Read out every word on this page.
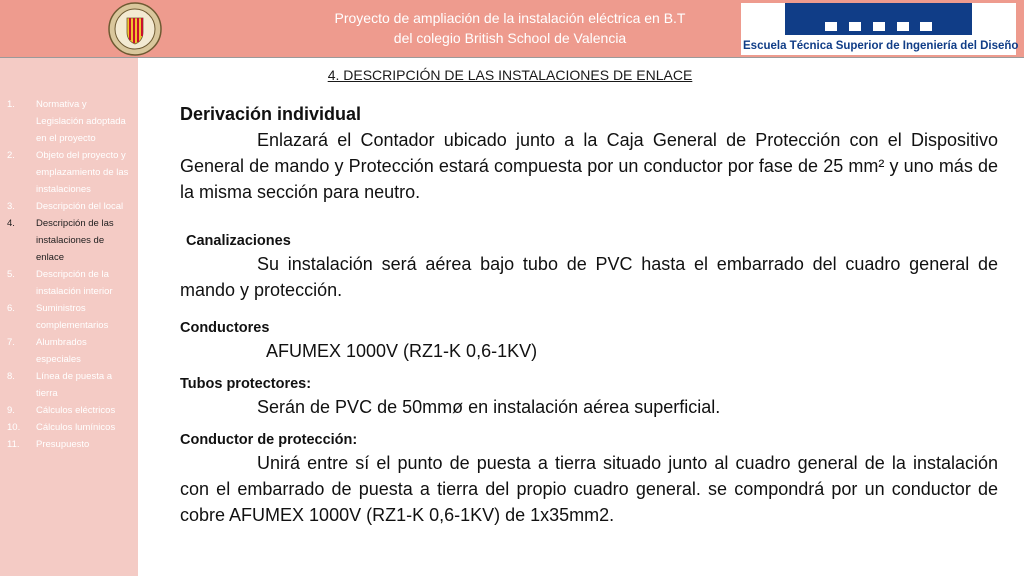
Proyecto de ampliación de la instalación eléctrica en B.T
del colegio British School de Valencia	Escuela Técnica Superior de Ingeniería del Diseño
1. Normativa y Legislación adoptada en el proyecto
2. Objeto del proyecto y emplazamiento de las instalaciones
3. Descripción del local
4. Descripción de las instalaciones de enlace
5. Descripción de la instalación interior
6. Suministros complementarios
7. Alumbrados especiales
8. Línea de puesta a tierra
9. Cálculos eléctricos
10. Cálculos lumínicos
11. Presupuesto
4. DESCRIPCIÓN DE LAS INSTALACIONES DE ENLACE

Derivación individual

Enlazará el Contador ubicado junto a la Caja General de Protección con el Dispositivo General de mando y Protección estará compuesta por un conductor por fase de 25 mm² y uno más de la misma sección para neutro.

Canalizaciones

Su instalación será aérea bajo tubo de PVC hasta el embarrado del cuadro general de mando y protección.

Conductores

AFUMEX 1000V (RZ1-K 0,6-1KV)

Tubos protectores:

Serán de PVC de 50mmø en instalación aérea superficial.

Conductor de protección:

Unirá entre sí el punto de puesta a tierra situado junto al cuadro general de la instalación con el embarrado de puesta a tierra del propio cuadro general. se compondrá por un conductor de cobre AFUMEX 1000V (RZ1-K 0,6-1KV) de 1x35mm2.
